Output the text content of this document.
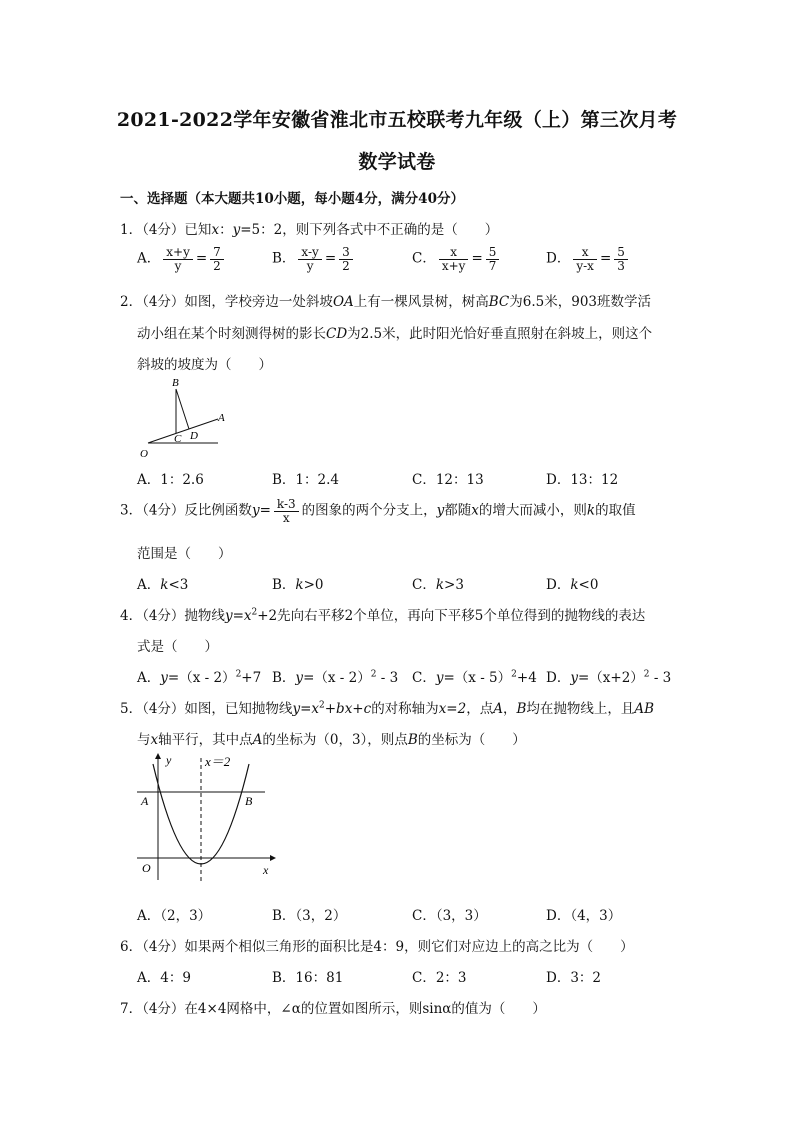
2021-2022学年安徽省淮北市五校联考九年级（上）第三次月考
数学试卷
一、选择题（本大题共10小题，每小题4分，满分40分）
1．（4分）已知x：y=5：2，则下列各式中不正确的是（　　）
A． $\frac{x+y}{y} = \frac{7}{2}$	B． $\frac{x-y}{y} = \frac{3}{2}$	C． $\frac{x}{x+y} = \frac{5}{7}$	D． $\frac{x}{y-x} = \frac{5}{3}$
2．（4分）如图，学校旁边一处斜坡OA上有一棵风景树，树高BC为6.5米，903班数学活
动小组在某个时刻测得树的影长CD为2.5米，此时阳光恰好垂直照射在斜坡上，则这个
斜坡的坡度为（　　）
B
A
C D
O
A．1：2.6	B．1：2.4	C．12：13	D．13：12
3．（4分）反比例函数$y= \frac{k-3}{x}$ 的图象的两个分支上，y都随x的增大而减小，则k的取值
范围是（　　）
A．k<3	B．k>0	C．k>3	D．k<0
4．（4分）抛物线$y=x^2+2$先向右平移2个单位，再向下平移5个单位得到的抛物线的表达
式是（　　）
A．y=（x - 2）$^2$+7 B．y=（x - 2）$^2$ - 3 C．y=（x - 5）$^2$+4 D．$y=(x+2)^2 - 3$
5．（4分）如图，已知抛物线$y=x^2+bx+c$的对称轴为x=2，点A，B均在抛物线上，且AB
与x轴平行，其中点A的坐标为（0，3），则点B的坐标为（　　）
y	x＝2
A	B
O	x
A．（2，3）	B．（3，2）	C．（3，3）	D．（4，3）
6．（4分）如果两个相似三角形的面积比是4：9，则它们对应边上的高之比为（　　）
A．4：9	B．16：81	C．2：3	D．3：2
7．（4分）在4×4网格中，∠α的位置如图所示，则sinα的值为（　　）
